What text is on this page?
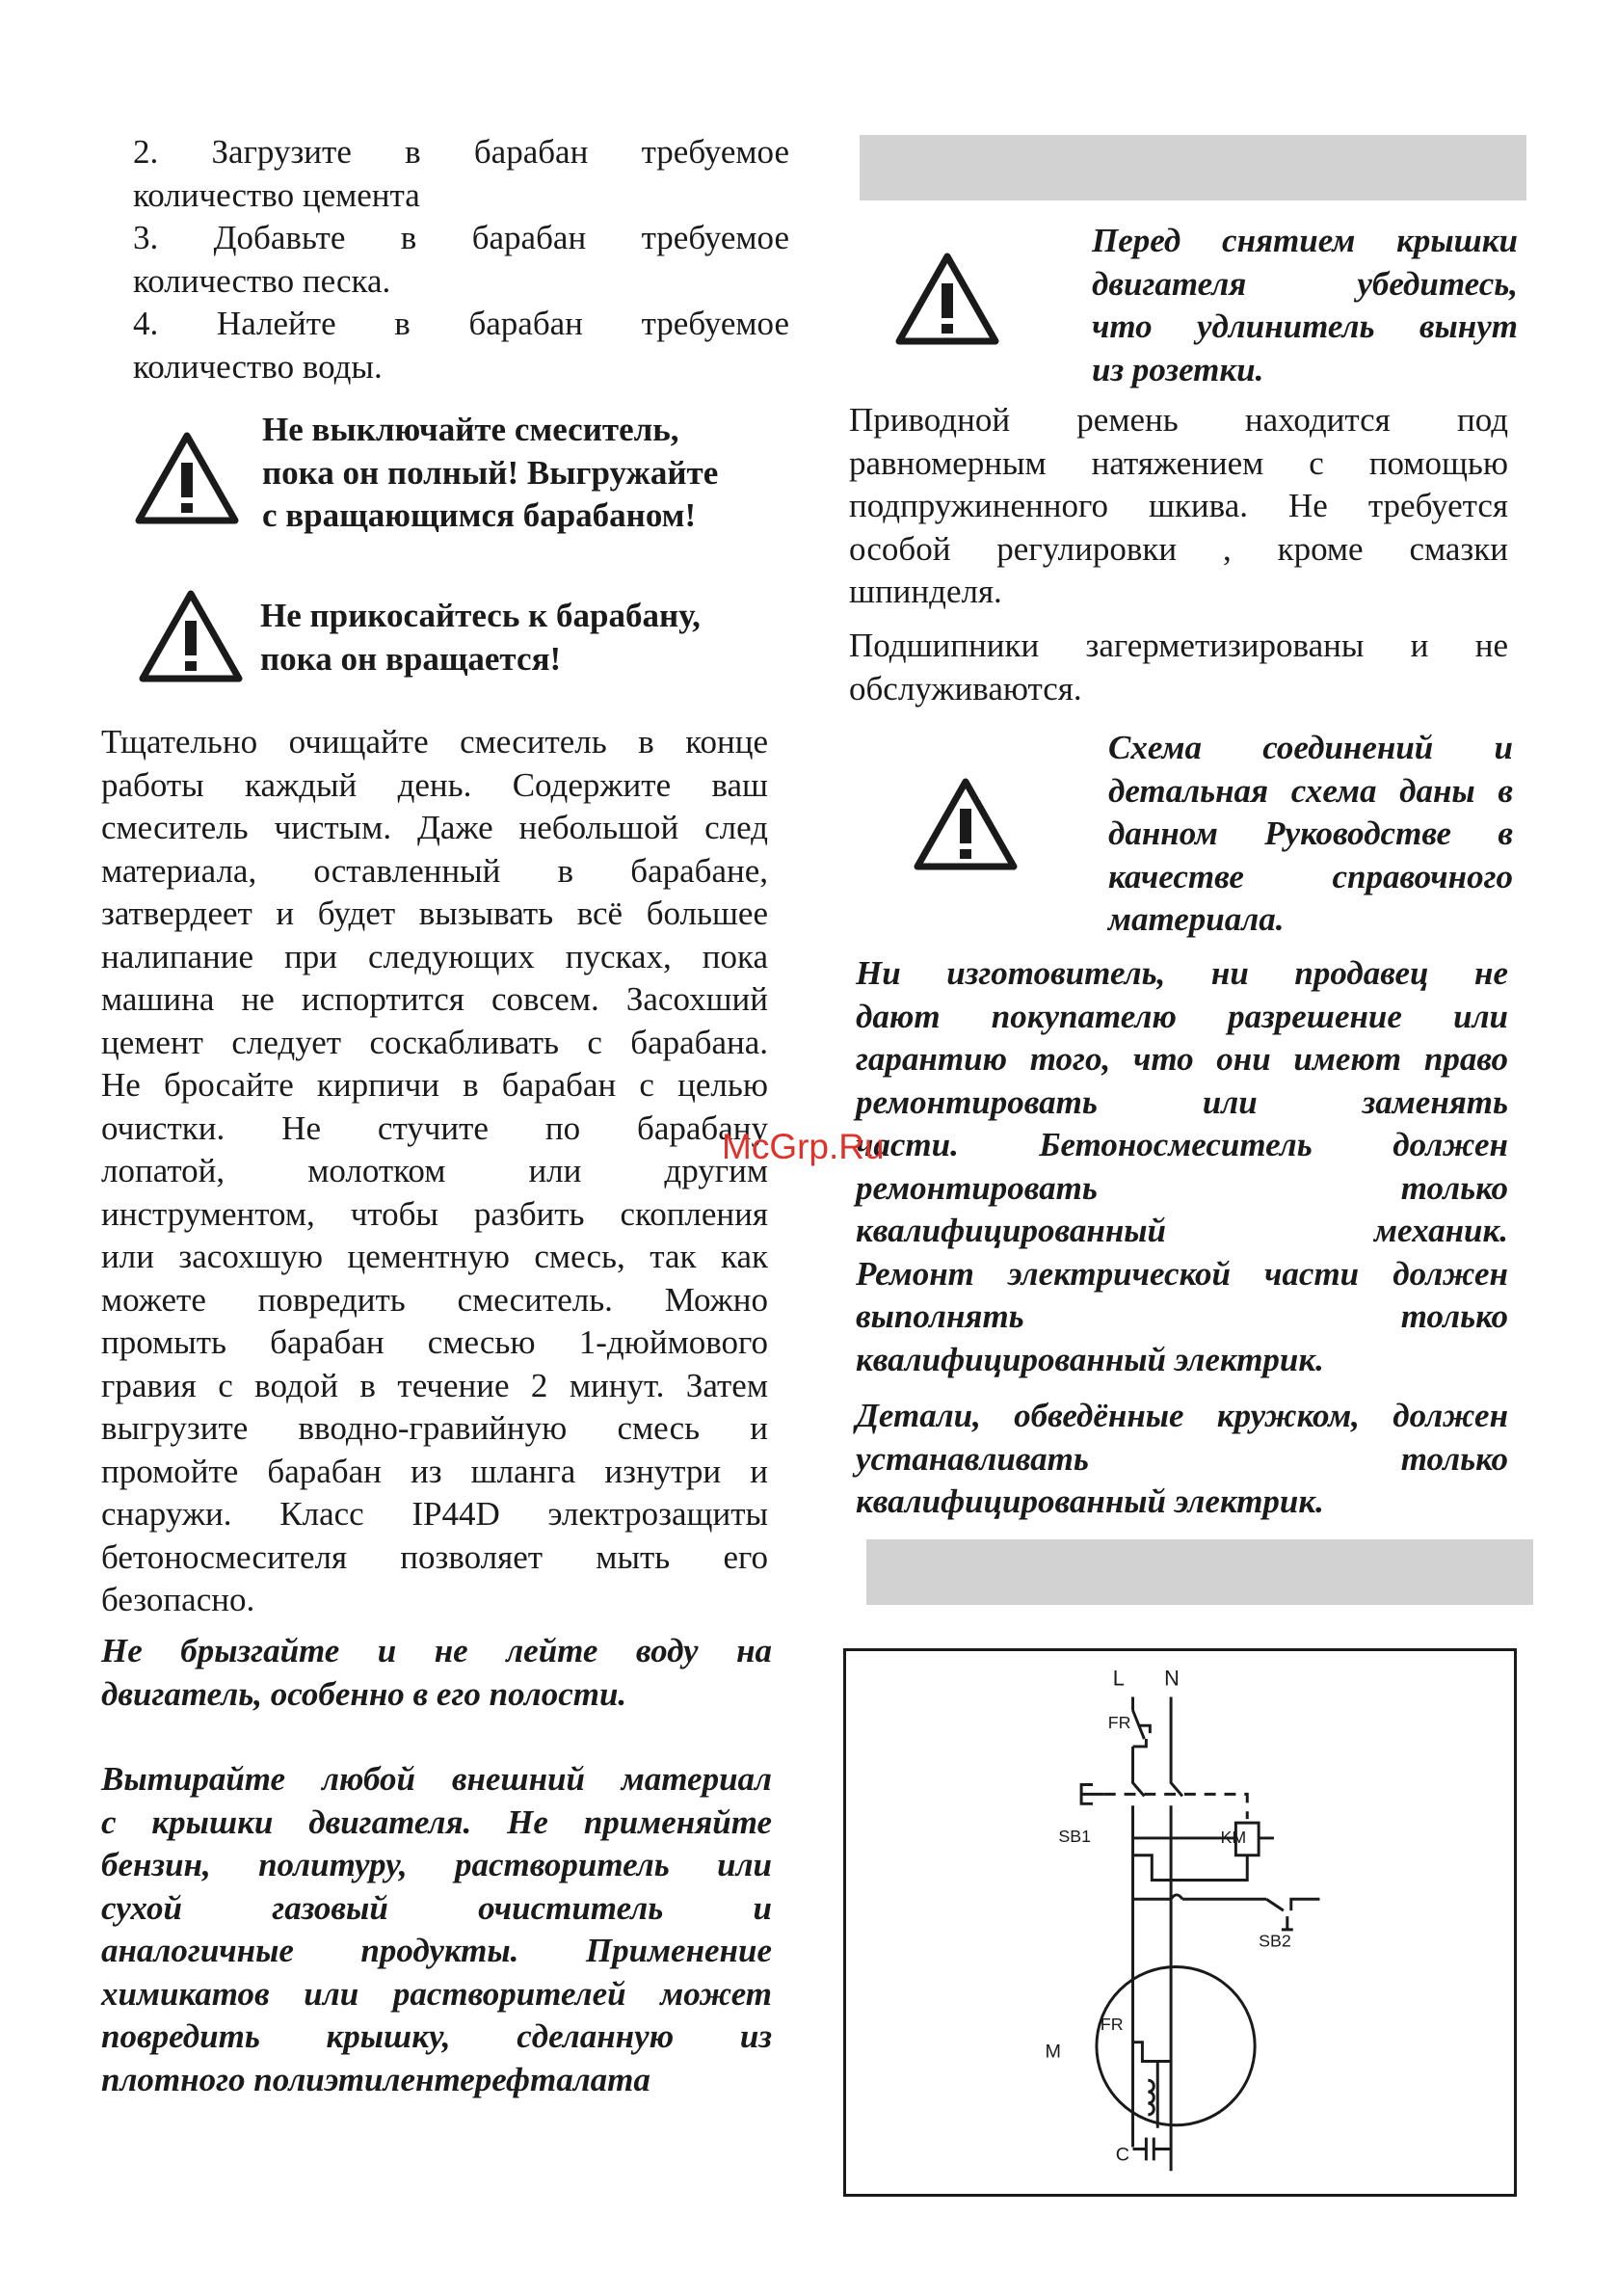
2. Загрузите в барабан требуемое
количество цемента
3. Добавьте в барабан требуемое
количество песка.
4. Налейте в барабан требуемое
количество воды.
Не выключайте смеситель,
пока он полный! Выгружайте
с вращающимся барабаном!
Не прикосайтесь к барабану,
пока он вращается!
Тщательно очищайте смеситель в конце
работы каждый день. Содержите ваш
смеситель чистым. Даже небольшой след
материала, оставленный в барабане,
затвердеет и будет вызывать всё большее
налипание при следующих пусках, пока
машина не испортится совсем. Засохший
цемент следует соскабливать с барабана.
Не бросайте кирпичи в барабан с целью
очистки. Не стучите по барабану
лопатой, молотком или другим
инструментом, чтобы разбить скопления
или засохшую цементную смесь, так как
можете повредить смеситель. Можно
промыть барабан смесью 1-дюймового
гравия с водой в течение 2 минут. Затем
выгрузите вводно-гравийную смесь и
промойте барабан из шланга изнутри и
снаружи. Класс IP44D электрозащиты
бетоносмесителя позволяет мыть его
безопасно.
Не брызгайте и не лейте воду на
двигатель, особенно в его полости.
Вытирайте любой внешний материал
с крышки двигателя. Не применяйте
бензин, политуру, растворитель или
сухой газовый очиститель и
аналогичные продукты. Применение
химикатов или растворителей может
повредить крышку, сделанную из
плотного полиэтилентерефталата
Перед снятием крышки
двигателя убедитесь,
что удлинитель вынут
из розетки.
Приводной ремень находится под
равномерным натяжением с помощью
подпружиненного шкива. Не требуется
особой регулировки , кроме смазки
шпинделя.
Подшипники загерметизированы и не
обслуживаются.
Схема соединений и
детальная схема даны в
данном Руководстве в
качестве справочного
материала.
Ни изготовитель, ни продавец не
дают покупателю разрешение или
гарантию того, что они имеют право
ремонтировать или заменять
части. Бетоносмеситель должен
ремонтировать только
квалифицированный механик.
Ремонт электрической части должен
выполнять только
квалифицированный электрик.
Детали, обведённые кружком, должен
устанавливать только
квалифицированный электрик.
McGrp.Ru
L N
FR
SB1	KM
SB2
M
FR
C
